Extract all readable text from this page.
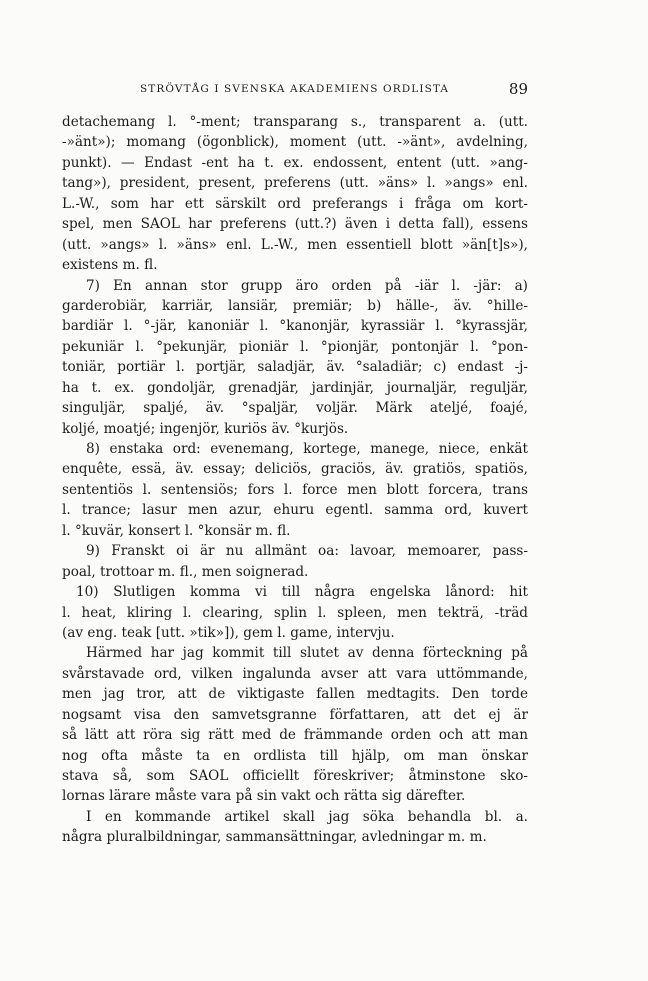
STRÖVTÅG I SVENSKA AKADEMIENS ORDLISTA	89
detachemang l. °-ment; transparang s., transparent a. (utt.
-»änt»); momang (ögonblick), moment (utt. -»änt», avdelning,
punkt). — Endast -ent ha t. ex. endossent, entent (utt. »ang-
tang»), president, present, preferens (utt. »äns» l. »angs» enl.
L.-W., som har ett särskilt ord preferangs i fråga om kort-
spel, men SAOL har preferens (utt.?) även i detta fall), essens
(utt. »angs» l. »äns» enl. L.-W., men essentiell blott »än[t]s»),
existens m. fl.
7) En annan stor grupp äro orden på -iär l. -jär: a)
garderobiär, karriär, lansiär, premiär; b) hälle-, äv. °hille-
bardiär l. °-jär, kanoniär l. °kanonjär, kyrassiär l. °kyrassjär,
pekuniär l. °pekunjär, pioniär l. °pionjär, pontonjär l. °pon-
toniär, portiär l. portjär, saladjär, äv. °saladiär; c) endast -j-
ha t. ex. gondoljär, grenadjär, jardinjär, journaljär, reguljär,
singuljär, spaljé, äv. °spaljär, voljär. Märk ateljé, foajé,
koljé, moatjé; ingenjör, kuriös äv. °kurjös.
8) enstaka ord: evenemang, kortege, manege, niece, enkät
enquête, essä, äv. essay; deliciös, graciös, äv. gratiös, spatiös,
sententiös l. sentensiös; fors l. force men blott forcera, trans
l. trance; lasur men azur, ehuru egentl. samma ord, kuvert
l. °kuvär, konsert l. °konsär m. fl.
9) Franskt oi är nu allmänt oa: lavoar, memoarer, pass-
poal, trottoar m. fl., men soignerad.
10) Slutligen komma vi till några engelska lånord: hit
l. heat, kliring l. clearing, splin l. spleen, men tekträ, -träd
(av eng. teak [utt. »tik»]), gem l. game, intervju.
Härmed har jag kommit till slutet av denna förteckning på
svårstavade ord, vilken ingalunda avser att vara uttömmande,
men jag tror, att de viktigaste fallen medtagits. Den torde
nogsamt visa den samvetsgranne författaren, att det ej är
så lätt att röra sig rätt med de främmande orden och att man
nog ofta måste ta en ordlista till hjälp, om man önskar
stava så, som SAOL officiellt föreskriver; åtminstone sko-
lornas lärare måste vara på sin vakt och rätta sig därefter.
I en kommande artikel skall jag söka behandla bl. a.
några pluralbildningar, sammansättningar, avledningar m. m.
